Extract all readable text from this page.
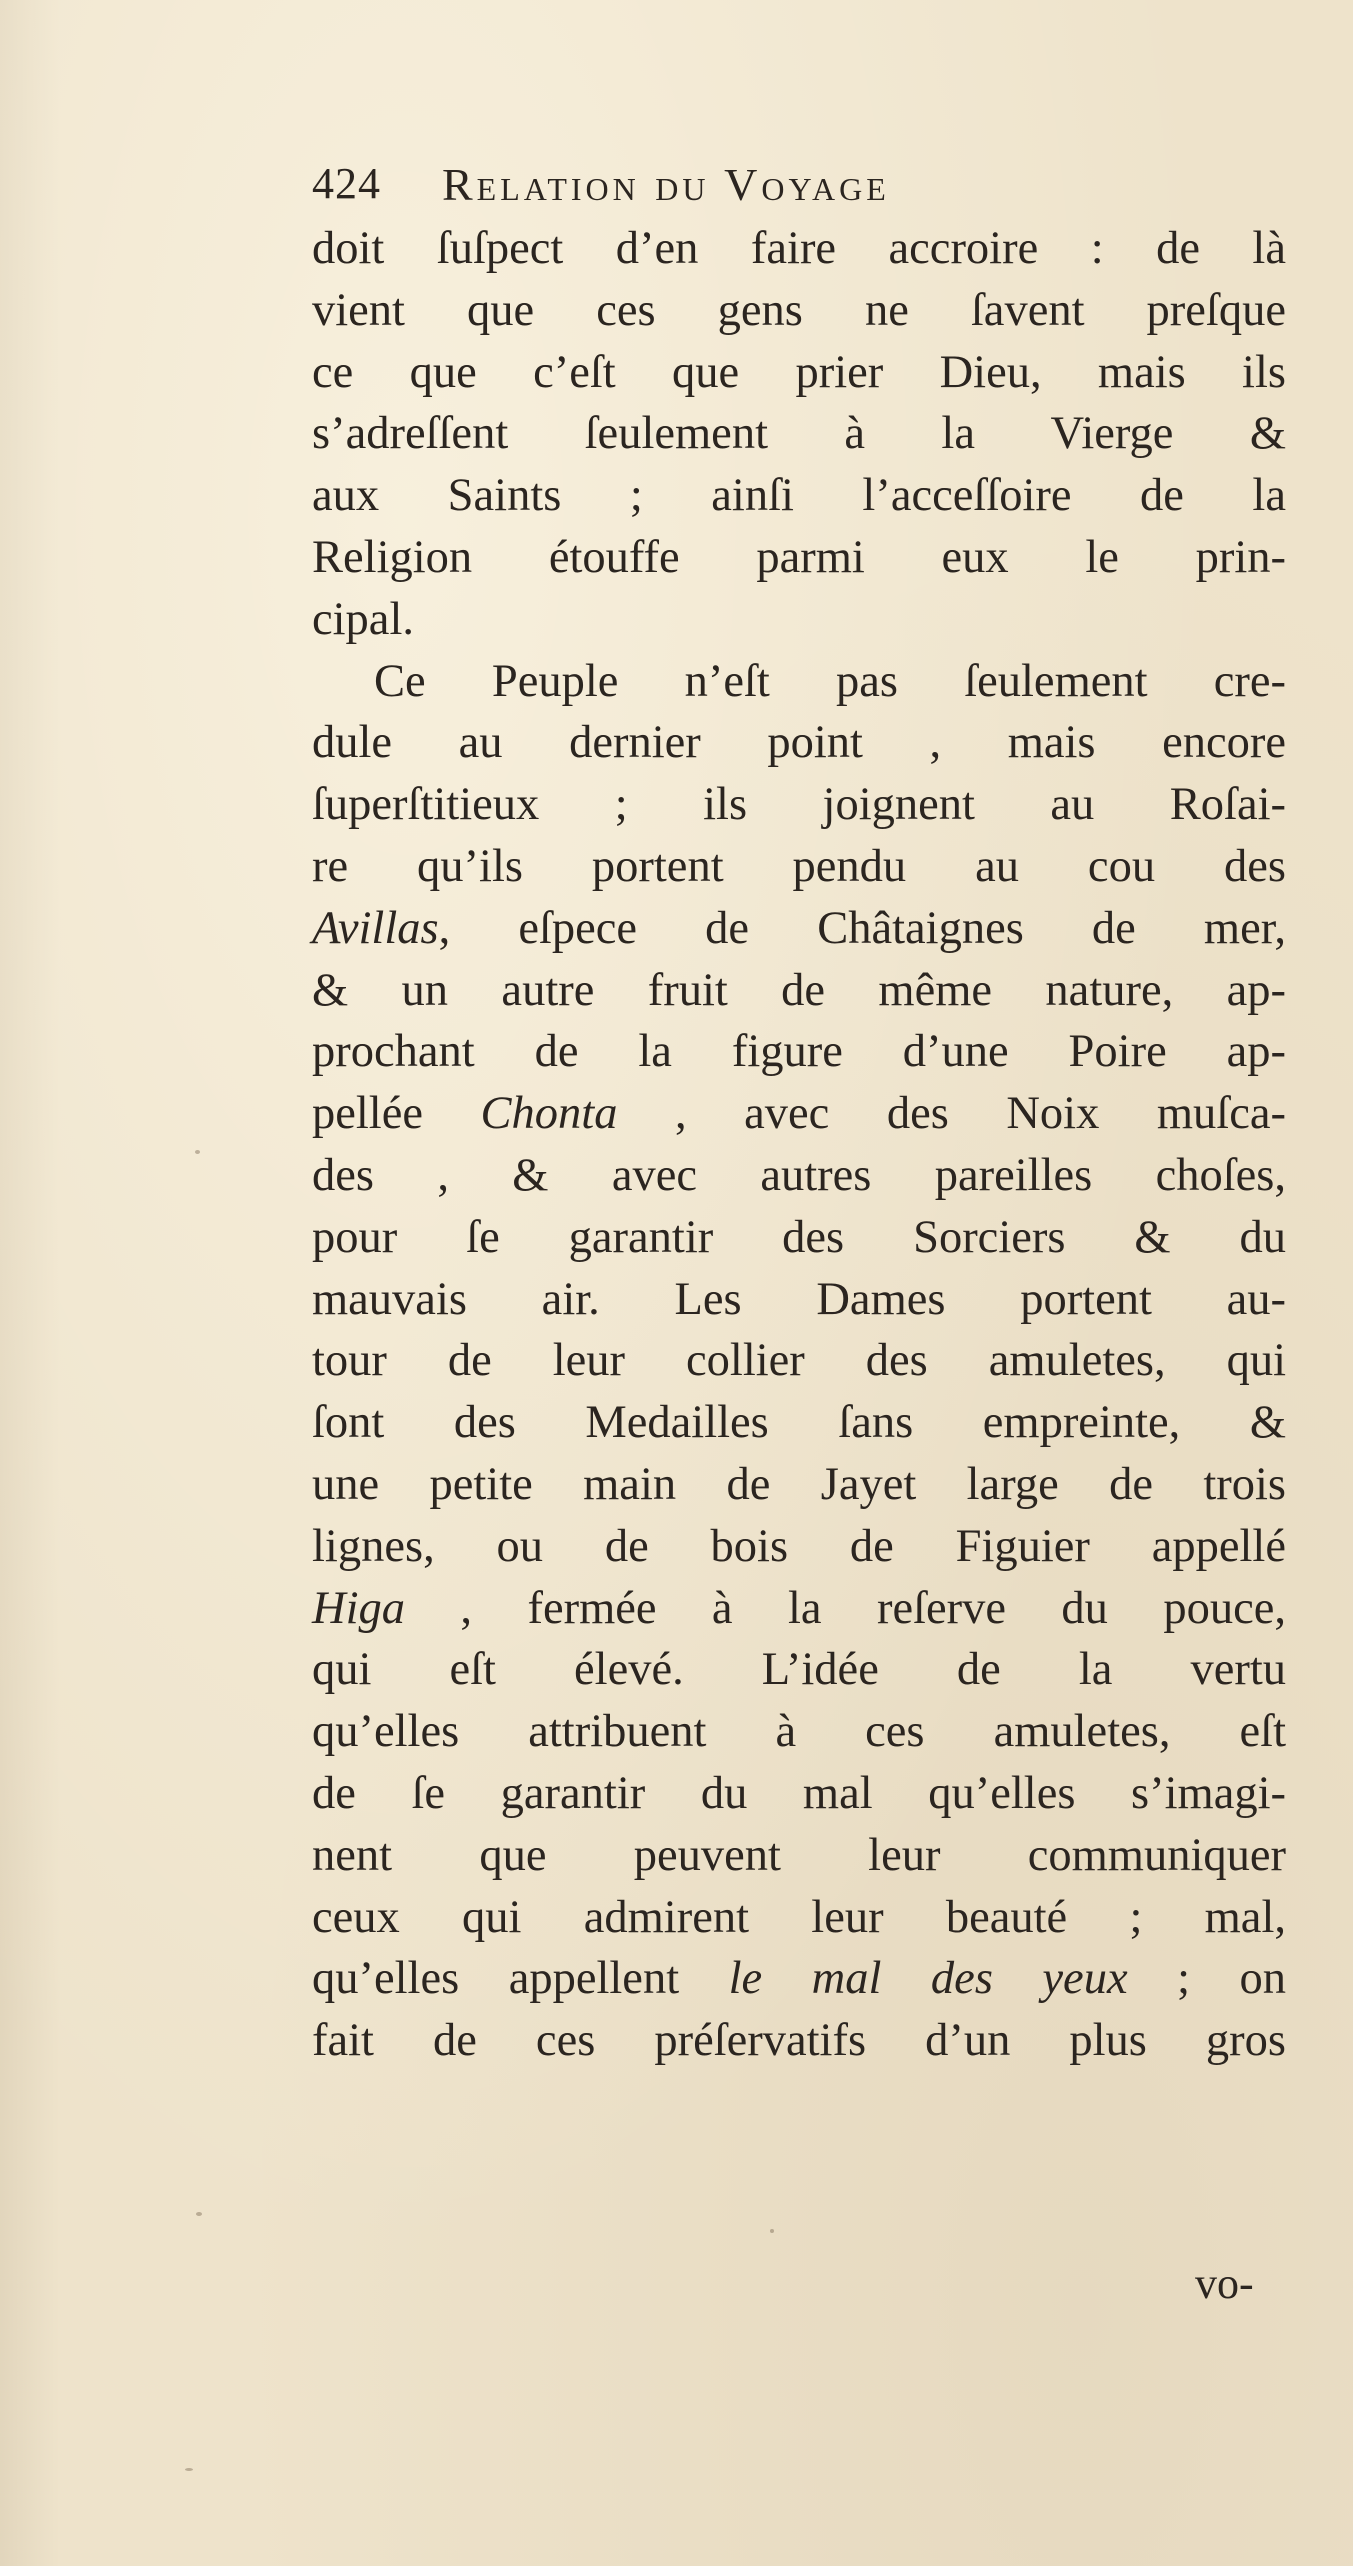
424 Relation du Voyage
doit ſuſpect d’en faire accroire : de là
vient que ces gens ne ſavent preſque
ce que c’eſt que prier Dieu, mais ils
s’adreſſent ſeulement à la Vierge &
aux Saints ; ainſi l’acceſſoire de la
Religion étouffe parmi eux le prin-
cipal.
Ce Peuple n’eſt pas ſeulement cre-
dule au dernier point , mais encore
ſuperſtitieux ; ils joignent au Roſai-
re qu’ils portent pendu au cou des
Avillas, eſpece de Châtaignes de mer,
& un autre fruit de même nature, ap-
prochant de la figure d’une Poire ap-
pellée Chonta , avec des Noix muſca-
des , & avec autres pareilles choſes,
pour ſe garantir des Sorciers & du
mauvais air. Les Dames portent au-
tour de leur collier des amuletes, qui
ſont des Medailles ſans empreinte, &
une petite main de Jayet large de trois
lignes, ou de bois de Figuier appellé
Higa , fermée à la reſerve du pouce,
qui eſt élevé. L’idée de la vertu
qu’elles attribuent à ces amuletes, eſt
de ſe garantir du mal qu’elles s’imagi-
nent que peuvent leur communiquer
ceux qui admirent leur beauté ; mal,
qu’elles appellent le mal des yeux ; on
fait de ces préſervatifs d’un plus gros
vo-
